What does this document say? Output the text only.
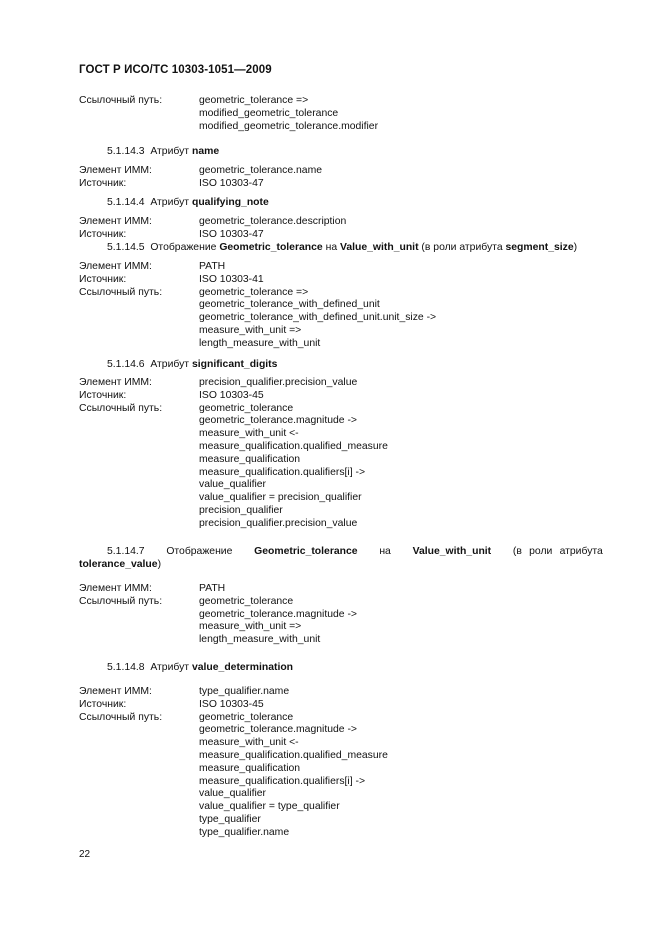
ГОСТ Р ИСО/ТС 10303-1051—2009
Ссылочный путь:	geometric_tolerance =>
modified_geometric_tolerance
modified_geometric_tolerance.modifier
5.1.14.3 Атрибут name
Элемент ИММ:	geometric_tolerance.name
Источник:	ISO 10303-47
5.1.14.4 Атрибут qualifying_note
Элемент ИММ:	geometric_tolerance.description
Источник:	ISO 10303-47
5.1.14.5 Отображение Geometric_tolerance на Value_with_unit (в роли атрибута segment_size)
Элемент ИММ:	PATH
Источник:	ISO 10303-41
Ссылочный путь:	geometric_tolerance =>
geometric_tolerance_with_defined_unit
geometric_tolerance_with_defined_unit.unit_size ->
measure_with_unit =>
length_measure_with_unit
5.1.14.6 Атрибут significant_digits
Элемент ИММ:	precision_qualifier.precision_value
Источник:	ISO 10303-45
Ссылочный путь:	geometric_tolerance
geometric_tolerance.magnitude ->
measure_with_unit <-
measure_qualification.qualified_measure
measure_qualification
measure_qualification.qualifiers[i] ->
value_qualifier
value_qualifier = precision_qualifier
precision_qualifier
precision_qualifier.precision_value
5.1.14.7 Отображение Geometric_tolerance на Value_with_unit (в роли атрибута   tolerance_value)
Элемент ИММ:	PATH
Ссылочный путь:	geometric_tolerance
geometric_tolerance.magnitude ->
measure_with_unit =>
length_measure_with_unit
5.1.14.8 Атрибут value_determination
Элемент ИММ:	type_qualifier.name
Источник:	ISO 10303-45
Ссылочный путь:	geometric_tolerance
geometric_tolerance.magnitude ->
measure_with_unit <-
measure_qualification.qualified_measure
measure_qualification
measure_qualification.qualifiers[i] ->
value_qualifier
value_qualifier = type_qualifier
type_qualifier
type_qualifier.name
22
